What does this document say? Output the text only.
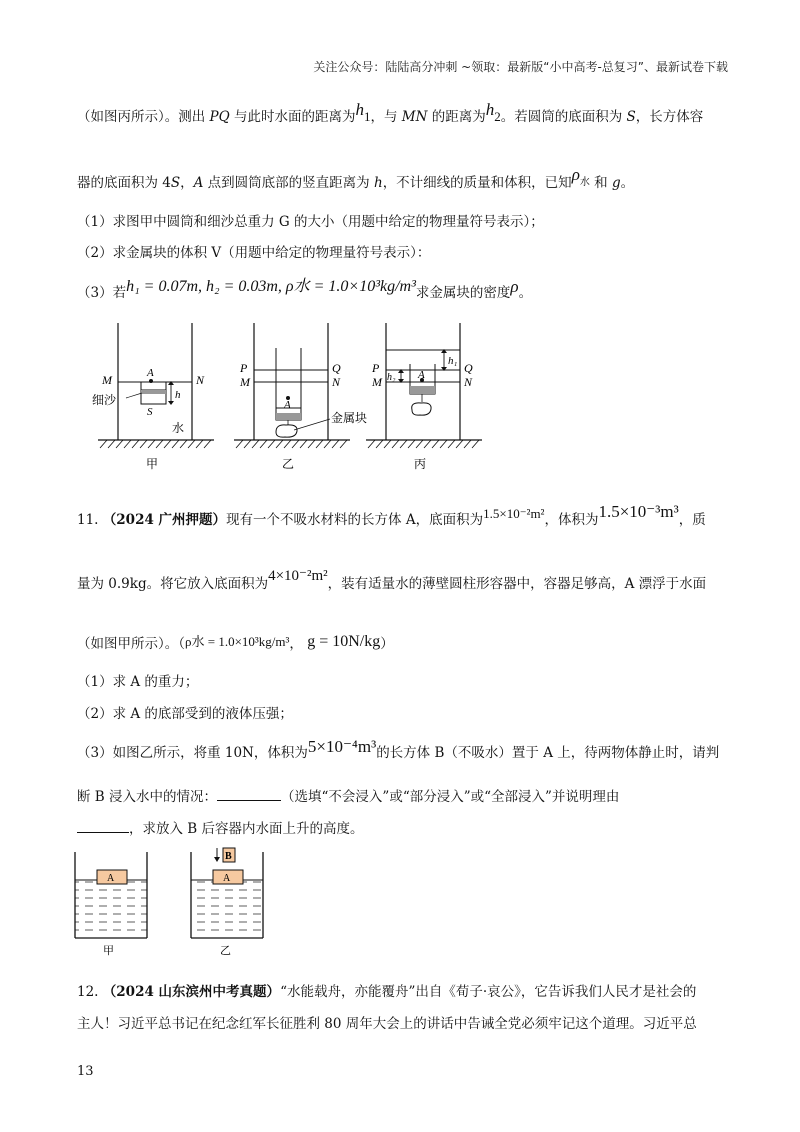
关注公众号：陆陆高分冲刺 ~领取：最新版“小中高考-总复习”、最新试卷下载
（如图丙所示）。测出 PQ 与此时水面的距离为$h_1$，与 MN 的距离为$h_2$。若圆筒的底面积为 S，长方体容
器的底面积为 4S，A 点到圆筒底部的竖直距离为 h，不计细线的质量和体积，已知$\rho_水$ 和 g。
（1）求图甲中圆筒和细沙总重力 G 的大小（用题中给定的物理量符号表示）；
（2）求金属块的体积 V（用题中给定的物理量符号表示）：
（3）若h₁ = 0.07m, h₂ = 0.03m, ρ水 = 1.0×10³kg/m³求金属块的密度ρ。
M	N
A
h
细沙
S
水
甲
P
M
Q
N
A
金属块
乙
P
M
Q
N
A
h₁
h₂
丙
11. （2024 广州押题）现有一个不吸水材料的长方体 A，底面积为1.5×10⁻²m²，体积为1.5×10⁻³m³，质
量为 0.9kg。将它放入底面积为4×10⁻²m²，装有适量水的薄壁圆柱形容器中，容器足够高，A 漂浮于水面
（如图甲所示）。（ρ水 = 1.0×10³kg/m³， g = 10N/kg）
（1）求 A 的重力；
（2）求 A 的底部受到的液体压强；
（3）如图乙所示，将重 10N，体积为5×10⁻⁴m³的长方体 B（不吸水）置于 A 上，待两物体静止时，请判
断 B 浸入水中的情况：	（选填“不会浸入”或“部分浸入”或“全部浸入”并说明理由
，求放入 B 后容器内水面上升的高度。
A
甲
A
B
乙
12. （2024 山东滨州中考真题）“水能载舟，亦能覆舟”出自《荀子·哀公》，它告诉我们人民才是社会的
主人！习近平总书记在纪念红军长征胜利 80 周年大会上的讲话中告诫全党必须牢记这个道理。习近平总
13
